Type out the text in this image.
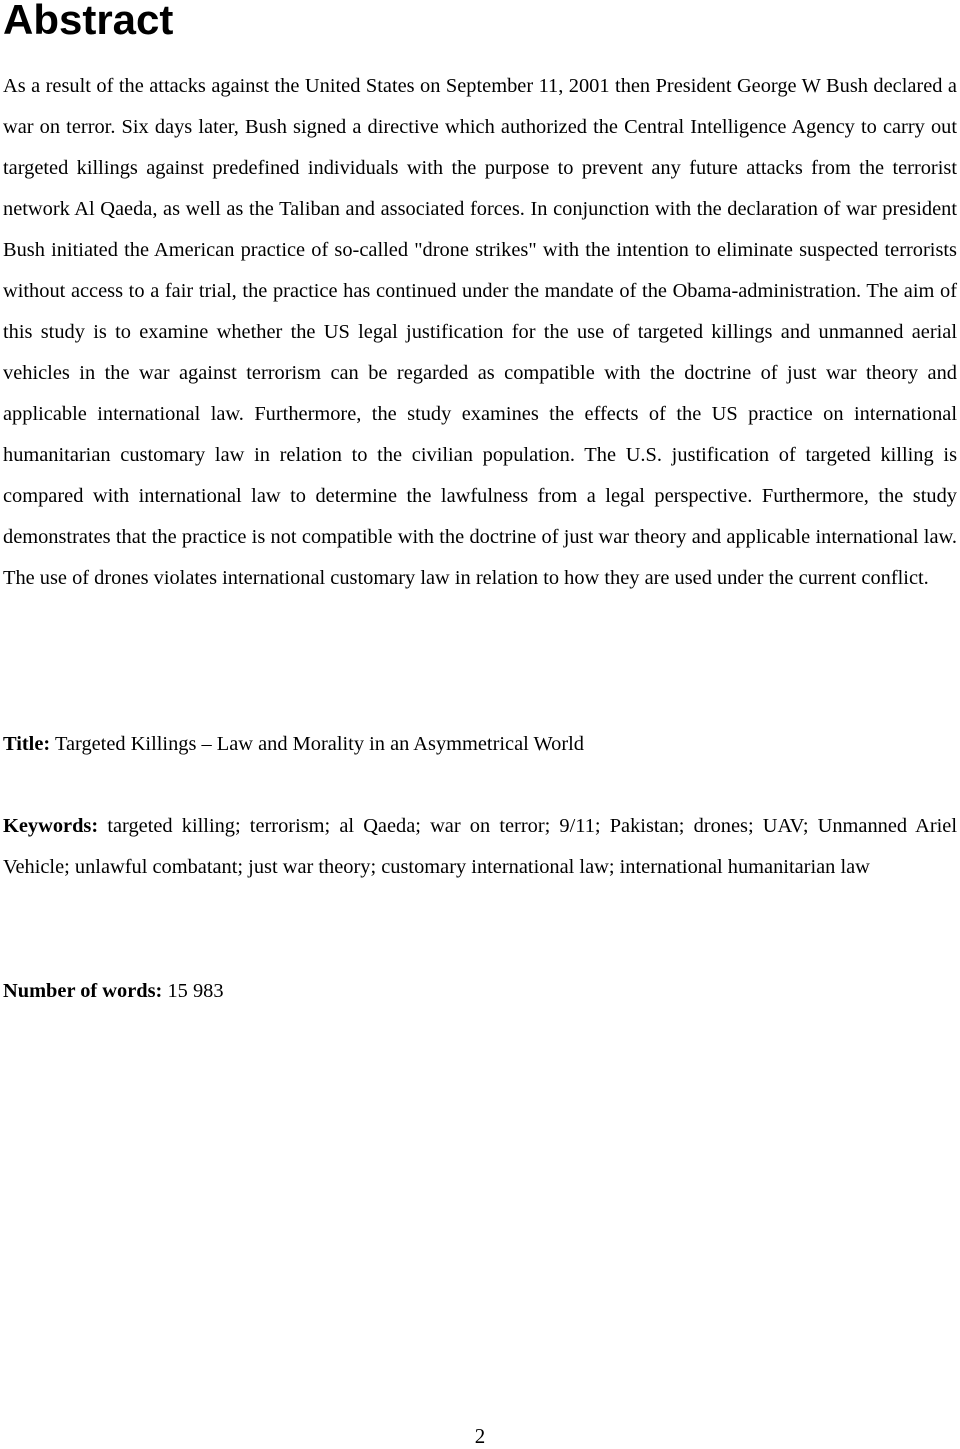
Abstract

As a result of the attacks against the United States on September 11, 2001 then President George W Bush declared a war on terror. Six days later, Bush signed a directive which authorized the Central Intelligence Agency to carry out targeted killings against predefined individuals with the purpose to prevent any future attacks from the terrorist network Al Qaeda, as well as the Taliban and associated forces. In conjunction with the declaration of war president Bush initiated the American practice of so-called "drone strikes" with the intention to eliminate suspected terrorists without access to a fair trial, the practice has continued under the mandate of the Obama-administration. The aim of this study is to examine whether the US legal justification for the use of targeted killings and unmanned aerial vehicles in the war against terrorism can be regarded as compatible with the doctrine of just war theory and applicable international law. Furthermore, the study examines the effects of the US practice on international humanitarian customary law in relation to the civilian population. The U.S. justification of targeted killing is compared with international law to determine the lawfulness from a legal perspective. Furthermore, the study demonstrates that the practice is not compatible with the doctrine of just war theory and applicable international law. The use of drones violates international customary law in relation to how they are used under the current conflict.

Title: Targeted Killings – Law and Morality in an Asymmetrical World

Keywords: targeted killing; terrorism; al Qaeda; war on terror; 9/11; Pakistan; drones; UAV; Unmanned Ariel Vehicle; unlawful combatant; just war theory; customary international law; international humanitarian law

Number of words: 15 983

2
